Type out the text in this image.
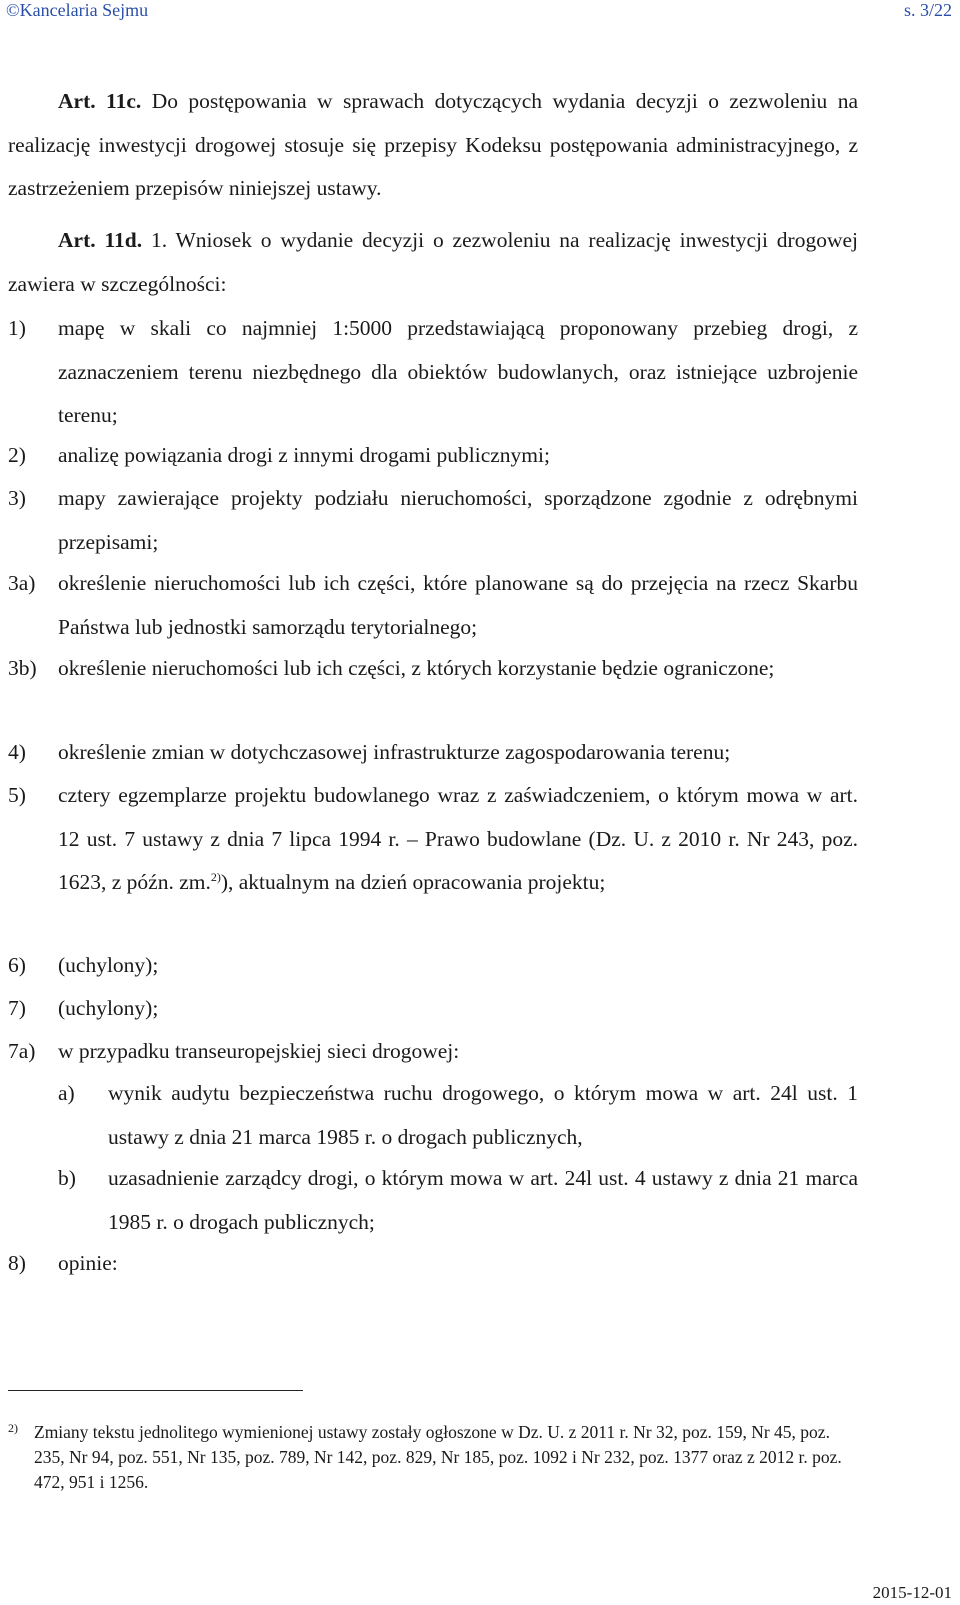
©Kancelaria Sejmu	s. 3/22
Art. 11c. Do postępowania w sprawach dotyczących wydania decyzji o zezwoleniu na realizację inwestycji drogowej stosuje się przepisy Kodeksu postępowania administracyjnego, z zastrzeżeniem przepisów niniejszej ustawy.
Art. 11d. 1. Wniosek o wydanie decyzji o zezwoleniu na realizację inwestycji drogowej zawiera w szczególności:
1)	mapę w skali co najmniej 1:5000 przedstawiającą proponowany przebieg drogi, z zaznaczeniem terenu niezbędnego dla obiektów budowlanych, oraz istniejące uzbrojenie terenu;
2)	analizę powiązania drogi z innymi drogami publicznymi;
3)	mapy zawierające projekty podziału nieruchomości, sporządzone zgodnie z odrębnymi przepisami;
3a)	określenie nieruchomości lub ich części, które planowane są do przejęcia na rzecz Skarbu Państwa lub jednostki samorządu terytorialnego;
3b) określenie nieruchomości lub ich części, z których korzystanie będzie ograniczone;
4)	określenie zmian w dotychczasowej infrastrukturze zagospodarowania terenu;
5)	cztery egzemplarze projektu budowlanego wraz z zaświadczeniem, o którym mowa w art. 12 ust. 7 ustawy z dnia 7 lipca 1994 r. – Prawo budowlane (Dz. U. z 2010 r. Nr 243, poz. 1623, z późn. zm.$^{2)}$), aktualnym na dzień opracowania projektu;
6)	(uchylony);
7)	(uchylony);
7a)	w przypadku transeuropejskiej sieci drogowej:
a)	wynik audytu bezpieczeństwa ruchu drogowego, o którym mowa w art. 24l ust. 1 ustawy z dnia 21 marca 1985 r. o drogach publicznych,
b)	uzasadnienie zarządcy drogi, o którym mowa w art. 24l ust. 4 ustawy z dnia 21 marca 1985 r. o drogach publicznych;
8)	opinie:
2) Zmiany tekstu jednolitego wymienionej ustawy zostały ogłoszone w Dz. U. z 2011 r. Nr 32, poz. 159, Nr 45, poz. 235, Nr 94, poz. 551, Nr 135, poz. 789, Nr 142, poz. 829, Nr 185, poz. 1092 i Nr 232, poz. 1377 oraz z 2012 r. poz. 472, 951 i 1256.
2015-12-01
